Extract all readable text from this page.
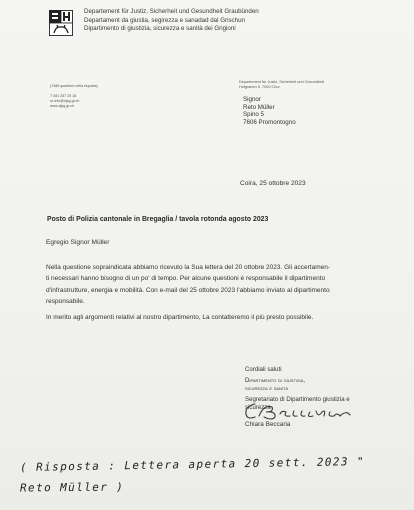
Departement für Justiz, Sicherheit und Gesundheit Graubünden
Departament da giustia, segirezza e sanadad dal Grischun
Dipartimento di giustizia, sicurezza e sanità dei Grigioni
(7486 quartiere nella risposta)
T 081 257 25 18
sc.info@djsg.gr.ch
www.djsg.gr.ch
Departement für Justiz, Sicherheit und Gesundheit
Hofgraben 5, 7000 Chur
Signor
Reto Müller
Spino 5
7606 Promontogno
Coira, 25 ottobre 2023
Posto di Polizia cantonale in Bregaglia / tavola rotonda agosto 2023
Egregio Signor Müller
Nella questione sopraindicata abbiamo ricevuto la Sua lettera del 20 ottobre 2023. Gli accertamen-
ti necessari hanno bisogno di un po' di tempo. Per alcune questioni è responsabile il dipartimento
d'infrastrutture, energia e mobilità. Con e-mail del 25 ottobre 2023 l'abbiamo inviato al dipartimento
responsabile.
In merito agli argomenti relativi al nostro dipartimento, La contatteremo il più presto possibile.
Cordiali saluti
Dipartimento di giustizia,
sicurezza e sanità
Segretariato di Dipartimento giustizia e
sicurezza
Chiara Beccaria
( Risposta : Lettera aperta 20 sett. 2023 "
Reto Müller )
